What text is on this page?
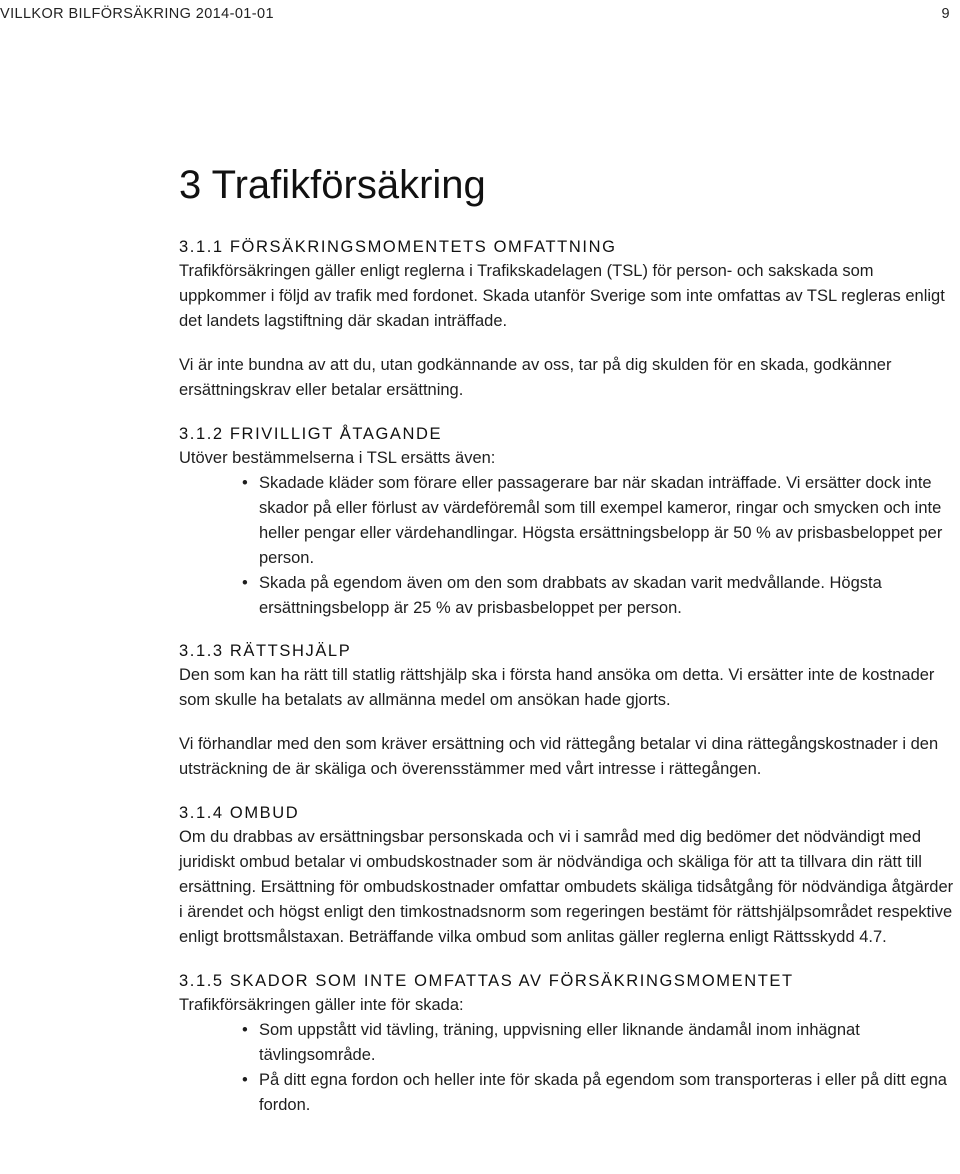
VILLKOR BILFÖRSÄKRING 2014-01-01	9
3 Trafikförsäkring
3.1.1 FÖRSÄKRINGSMOMENTETS OMFATTNING

Trafikförsäkringen gäller enligt reglerna i Trafikskadelagen (TSL) för person- och sakskada som uppkommer i följd av trafik med fordonet. Skada utanför Sverige som inte omfattas av TSL regleras enligt det landets lagstiftning där skadan inträffade.

Vi är inte bundna av att du, utan godkännande av oss, tar på dig skulden för en skada, godkänner ersättningskrav eller betalar ersättning.

3.1.2 FRIVILLIGT ÅTAGANDE

Utöver bestämmelserna i TSL ersätts även:

• Skadade kläder som förare eller passagerare bar när skadan inträffade. Vi ersätter dock inte skador på eller förlust av värdeföremål som till exempel kameror, ringar och smycken och inte heller pengar eller värdehandlingar. Högsta ersättningsbelopp är 50 % av prisbasbeloppet per person.
• Skada på egendom även om den som drabbats av skadan varit medvållande. Högsta ersättningsbelopp är 25 % av prisbasbeloppet per person.
3.1.3 RÄTTSHJÄLP

Den som kan ha rätt till statlig rättshjälp ska i första hand ansöka om detta. Vi ersätter inte de kostnader som skulle ha betalats av allmänna medel om ansökan hade gjorts.

Vi förhandlar med den som kräver ersättning och vid rättegång betalar vi dina rättegångskostnader i den utsträckning de är skäliga och överensstämmer med vårt intresse i rättegången.

3.1.4 OMBUD

Om du drabbas av ersättningsbar personskada och vi i samråd med dig bedömer det nödvändigt med juridiskt ombud betalar vi ombudskostnader som är nödvändiga och skäliga för att ta tillvara din rätt till ersättning. Ersättning för ombudskostnader omfattar ombudets skäliga tidsåtgång för nödvändiga åtgärder i ärendet och högst enligt den timkostnadsnorm som regeringen bestämt för rättshjälpsområdet respektive enligt brottsmålstaxan. Beträffande vilka ombud som anlitas gäller reglerna enligt Rättsskydd 4.7.

3.1.5 SKADOR SOM INTE OMFATTAS AV FÖRSÄKRINGSMOMENTET

Trafikförsäkringen gäller inte för skada:

• Som uppstått vid tävling, träning, uppvisning eller liknande ändamål inom inhägnat tävlingsområde.
• På ditt egna fordon och heller inte för skada på egendom som transporteras i eller på ditt egna fordon.
